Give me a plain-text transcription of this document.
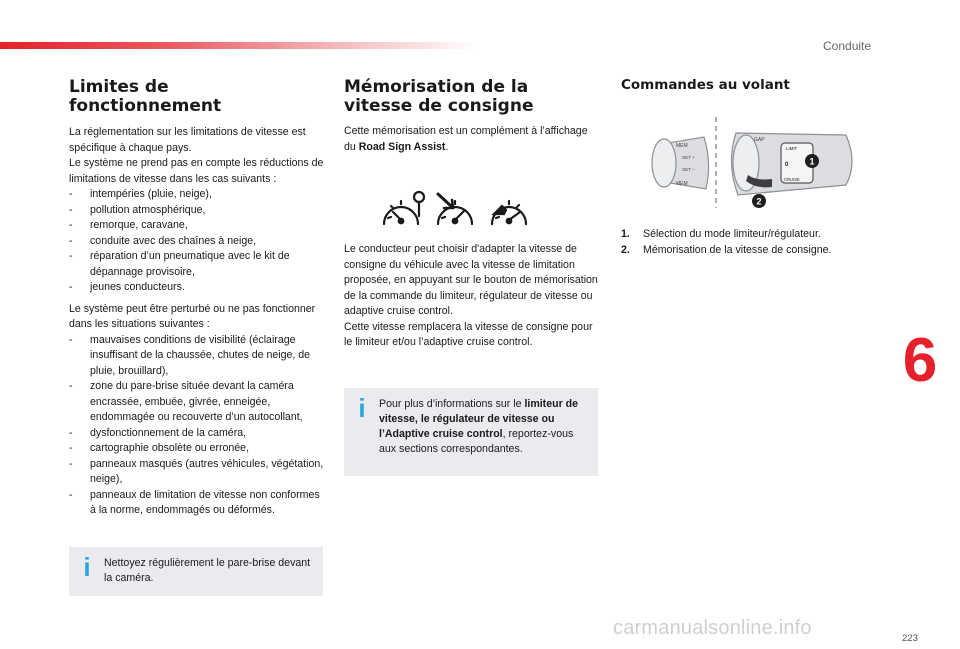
Conduite
6
223
carmanualsonline.info
Limites de fonctionnement

La réglementation sur les limitations de vitesse est spécifique à chaque pays.

Le système ne prend pas en compte les réductions de limitations de vitesse dans les cas suivants :

- intempéries (pluie, neige),
- pollution atmosphérique,
- remorque, caravane,
- conduite avec des chaînes à neige,
- réparation d’un pneumatique avec le kit de dépannage provisoire,
- jeunes conducteurs.

Le système peut être perturbé ou ne pas fonctionner dans les situations suivantes :

- mauvaises conditions de visibilité (éclairage insuffisant de la chaussée, chutes de neige, de pluie, brouillard),
- zone du pare-brise située devant la caméra encrassée, embuée, givrée, enneigée, endommagée ou recouverte d’un autocollant,
- dysfonctionnement de la caméra,
- cartographie obsolète ou erronée,
- panneaux masqués (autres véhicules, végétation, neige),
- panneaux de limitation de vitesse non conformes à la norme, endommagés ou déformés.
i Nettoyez régulièrement le pare-brise devant la caméra.
Mémorisation de la vitesse de consigne

Cette mémorisation est un complément à l’affichage du Road Sign Assist.

Le conducteur peut choisir d'adapter la vitesse de consigne du véhicule avec la vitesse de limitation proposée, en appuyant sur le bouton de mémorisation de la commande du limiteur, régulateur de vitesse ou adaptive cruise control.

Cette vitesse remplacera la vitesse de consigne pour le limiteur et/ou l’adaptive cruise control.

i Pour plus d’informations sur le limiteur de vitesse, le régulateur de vitesse ou l’Adaptive cruise control, reportez-vous aux sections correspondantes.
Commandes au volant
MEM
SET +
SET –
MEM
LIMIT
0
CRUISE
GAP
1
2
1. Sélection du mode limiteur/régulateur.
2. Mémorisation de la vitesse de consigne.
